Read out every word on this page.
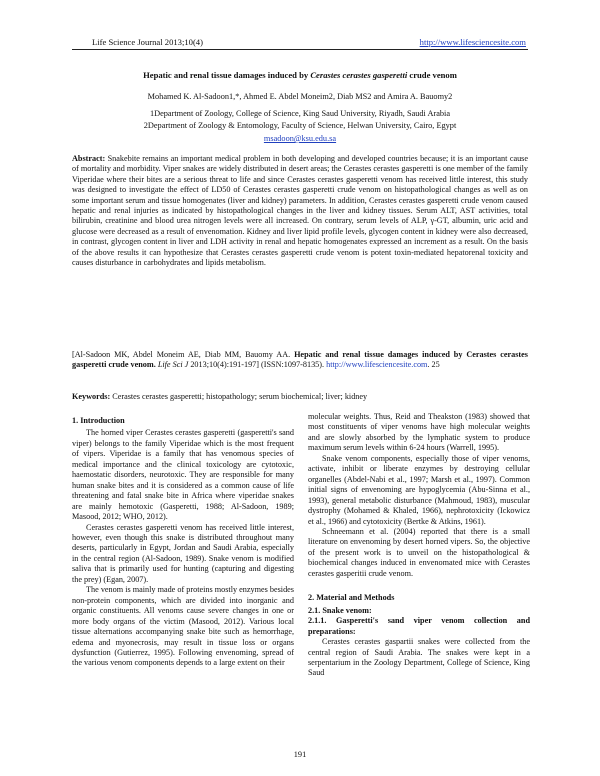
Life Science Journal 2013;10(4)	http://www.lifesciencesite.com
Hepatic and renal tissue damages induced by Cerastes cerastes gasperetti crude venom
Mohamed K. Al-Sadoon1,*, Ahmed E. Abdel Moneim2, Diab MS2 and Amira A. Bauomy2
1Department of Zoology, College of Science, King Saud University, Riyadh, Saudi Arabia
2Department of Zoology & Entomology, Faculty of Science, Helwan University, Cairo, Egypt
msadoon@ksu.edu.sa
Abstract: Snakebite remains an important medical problem in both developing and developed countries because; it is an important cause of mortality and morbidity. Viper snakes are widely distributed in desert areas; the Cerastes cerastes gasperetti is one member of the family Viperidae where their bites are a serious threat to life and since Cerastes cerastes gasperetti venom has received little interest, this study was designed to investigate the effect of LD50 of Cerastes cerastes gasperetti crude venom on histopathological changes as well as on some important serum and tissue homogenates (liver and kidney) parameters. In addition, Cerastes cerastes gasperetti crude venom caused hepatic and renal injuries as indicated by histopathological changes in the liver and kidney tissues. Serum ALT, AST activities, total bilirubin, creatinine and blood urea nitrogen levels were all increased. On contrary, serum levels of ALP, γ-GT, albumin, uric acid and glucose were decreased as a result of envenomation. Kidney and liver lipid profile levels, glycogen content in kidney were also decreased, in contrast, glycogen content in liver and LDH activity in renal and hepatic homogenates expressed an increment as a result. On the basis of the above results it can hypothesize that Cerastes cerastes gasperetti crude venom is potent toxin-mediated hepatorenal toxicity and causes disturbance in carbohydrates and lipids metabolism.
[Al-Sadoon MK, Abdel Moneim AE, Diab MM, Bauomy AA. Hepatic and renal tissue damages induced by Cerastes cerastes gasperetti crude venom. Life Sci J 2013;10(4):191-197] (ISSN:1097-8135). http://www.lifesciencesite.com. 25
Keywords: Cerastes cerastes gasperetti; histopathology; serum biochemical; liver; kidney
1. Introduction

The horned viper Cerastes cerastes gasperetti (gasperetti's sand viper) belongs to the family Viperidae which is the most frequent of vipers. Viperidae is a family that has venomous species of medical importance and the clinical toxicology are cytotoxic, haemostatic disorders, neurotoxic. They are responsible for many human snake bites and it is considered as a common cause of life threatening and fatal snake bite in Africa where viperidae snakes are mainly hemotoxic (Gasperetti, 1988; Al-Sadoon, 1989; Masood, 2012; WHO, 2012).

Cerastes cerastes gasperetti venom has received little interest, however, even though this snake is distributed throughout many deserts, particularly in Egypt, Jordan and Saudi Arabia, especially in the central region (Al-Sadoon, 1989). Snake venom is modified saliva that is primarily used for hunting (capturing and digesting the prey) (Egan, 2007).

The venom is mainly made of proteins mostly enzymes besides non-protein components, which are divided into inorganic and organic constituents. All venoms cause severe changes in one or more body organs of the victim (Masood, 2012). Various local tissue alternations accompanying snake bite such as hemorrhage, edema and myonecrosis, may result in tissue loss or organs dysfunction (Gutierrez, 1995). Following envenoming, spread of the various venom components depends to a large extent on their

molecular weights. Thus, Reid and Theakston (1983) showed that most constituents of viper venoms have high molecular weights and are slowly absorbed by the lymphatic system to produce maximum serum levels within 6-24 hours (Warrell, 1995).

Snake venom components, especially those of viper venoms, activate, inhibit or liberate enzymes by destroying cellular organelles (Abdel-Nabi et al., 1997; Marsh et al., 1997). Common initial signs of envenoming are hypoglycemia (Abu-Sinna et al., 1993), general metabolic disturbance (Mahmoud, 1983), muscular dystrophy (Mohamed & Khaled, 1966), nephrotoxicity (Ickowicz et al., 1966) and cytotoxicity (Bertke & Atkins, 1961).

Schneemann et al. (2004) reported that there is a small literature on envenoming by desert horned vipers. So, the objective of the present work is to unveil on the histopathological & biochemical changes induced in envenomated mice with Cerastes cerastes gasperitii crude venom.

2. Material and Methods
2.1. Snake venom:
2.1.1. Gasperetti's sand viper venom collection and preparations:

Cerastes cerastes gaspartii snakes were collected from the central region of Saudi Arabia. The snakes were kept in a serpentarium in the Zoology Department, College of Science, King Saud

191
